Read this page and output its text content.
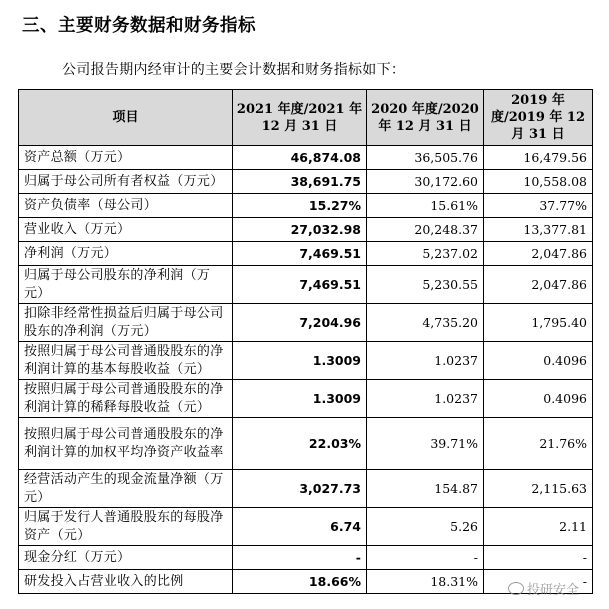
三、主要财务数据和财务指标
公司报告期内经审计的主要会计数据和财务指标如下：
项目	2021 年度/2021 年 12 月 31 日	2020 年度/2020 年 12 月 31 日	2019 年度/2019 年 12 月 31 日
资产总额（万元）	46,874.08	36,505.76	16,479.56
归属于母公司所有者权益（万元）	38,691.75	30,172.60	10,558.08
资产负债率（母公司）	15.27%	15.61%	37.77%
营业收入（万元）	27,032.98	20,248.37	13,377.81
净利润（万元）	7,469.51	5,237.02	2,047.86
归属于母公司股东的净利润（万元）	7,469.51	5,230.55	2,047.86
扣除非经常性损益后归属于母公司股东的净利润（万元）	7,204.96	4,735.20	1,795.40
按照归属于母公司普通股股东的净利润计算的基本每股收益（元）	1.3009	1.0237	0.4096
按照归属于母公司普通股股东的净利润计算的稀释每股收益（元）	1.3009	1.0237	0.4096
按照归属于母公司普通股股东的净利润计算的加权平均净资产收益率	22.03%	39.71%	21.76%
经营活动产生的现金流量净额（万元）	3,027.73	154.87	2,115.63
归属于发行人普通股股东的每股净资产（元）	6.74	5.26	2.11
现金分红（万元）	-	-	-
研发投入占营业收入的比例	18.66%	18.31%	-
投研安全
